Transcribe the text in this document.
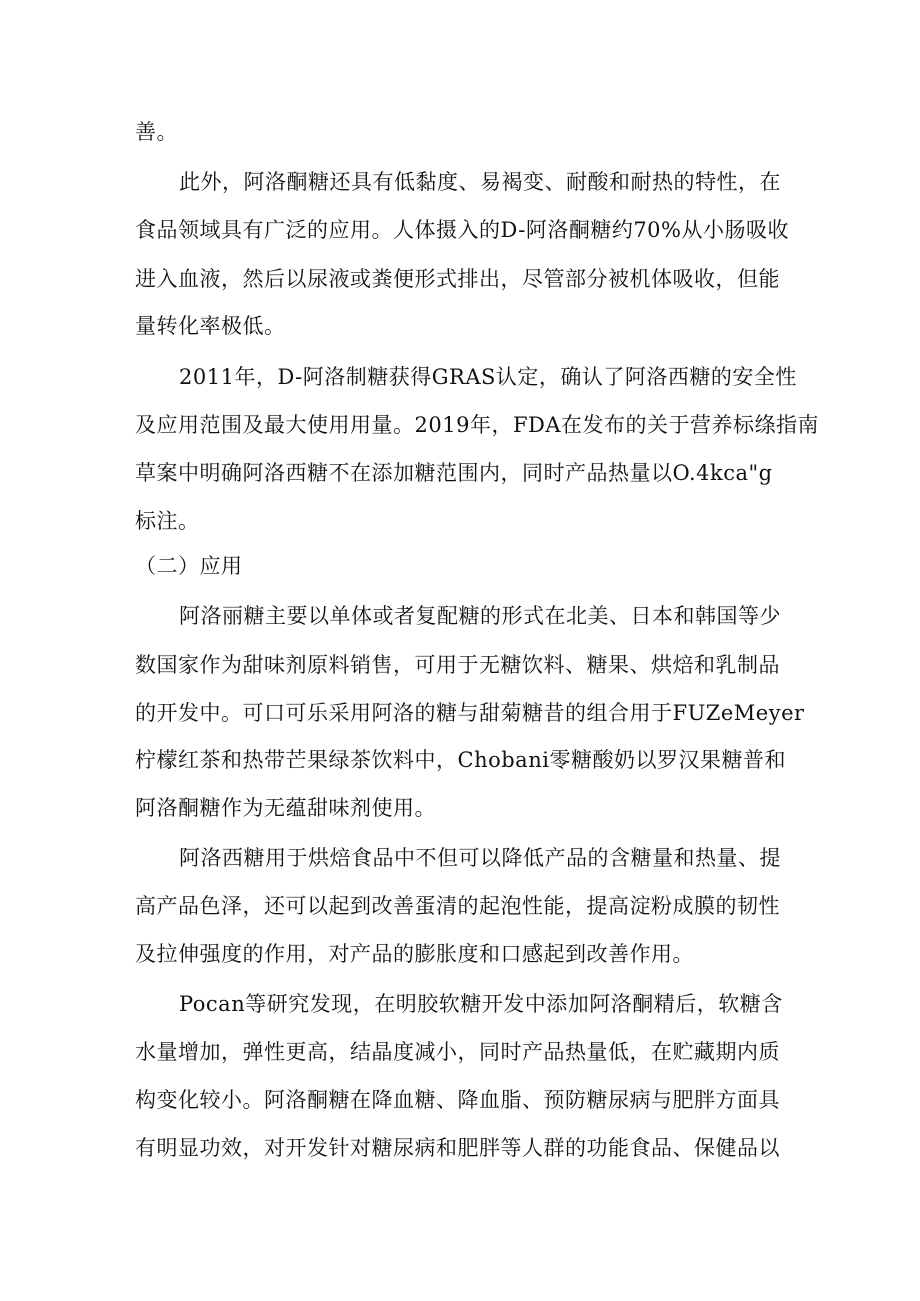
善。
此外，阿洛酮糖还具有低黏度、易褐变、耐酸和耐热的特性，在
食品领域具有广泛的应用。人体摄入的D-阿洛酮糖约70%从小肠吸收
进入血液，然后以尿液或粪便形式排出，尽管部分被机体吸收，但能
量转化率极低。
2011年，D-阿洛制糖获得GRAS认定，确认了阿洛西糖的安全性
及应用范围及最大使用用量。2019年，FDA在发布的关于营养标绦指南
草案中明确阿洛西糖不在添加糖范围内，同时产品热量以O.4kca"g
标注。
（二）应用
阿洛丽糖主要以单体或者复配糖的形式在北美、日本和韩国等少
数国家作为甜味剂原料销售，可用于无糖饮料、糖果、烘焙和乳制品
的开发中。可口可乐采用阿洛的糖与甜菊糖昔的组合用于FUZeMeyer
柠檬红茶和热带芒果绿茶饮料中，Chobani零糖酸奶以罗汉果糖普和
阿洛酮糖作为无蕴甜味剂使用。
阿洛西糖用于烘焙食品中不但可以降低产品的含糖量和热量、提
高产品色泽，还可以起到改善蛋清的起泡性能，提高淀粉成膜的韧性
及拉伸强度的作用，对产品的膨胀度和口感起到改善作用。
Pocan等研究发现，在明胶软糖开发中添加阿洛酮精后，软糖含
水量增加，弹性更高，结晶度减小，同时产品热量低，在贮藏期内质
构变化较小。阿洛酮糖在降血糖、降血脂、预防糖尿病与肥胖方面具
有明显功效，对开发针对糖尿病和肥胖等人群的功能食品、保健品以
